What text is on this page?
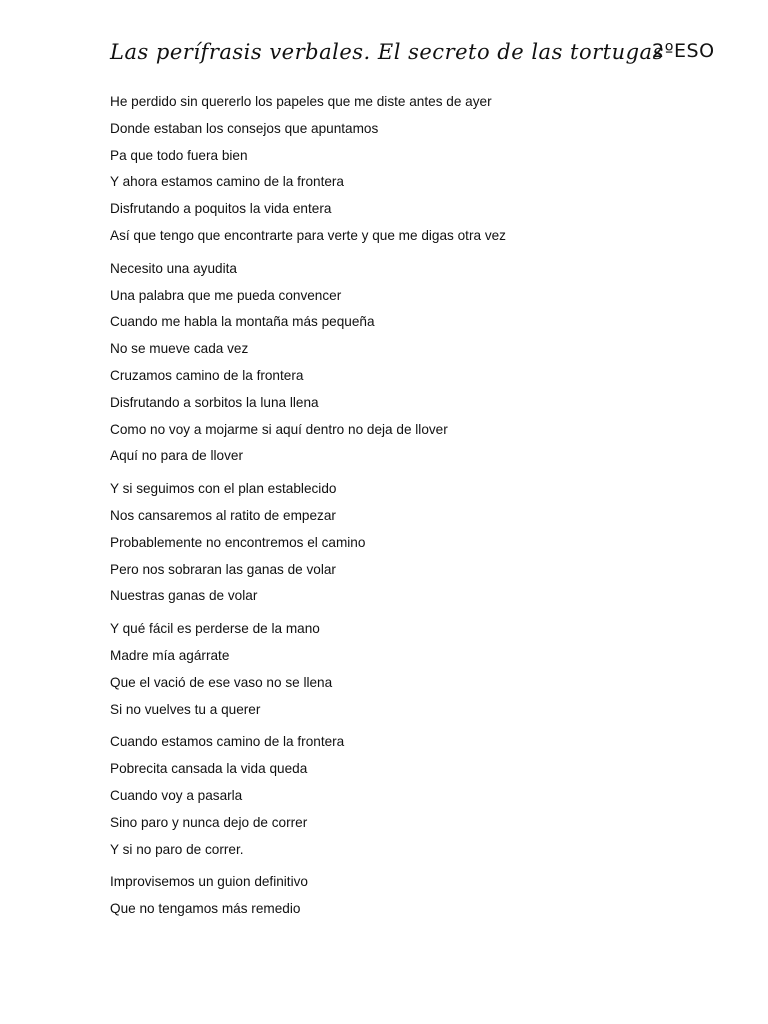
Las perífrasis verbales. El secreto de las tortugas
2ºESO
He perdido sin quererlo los papeles que me diste antes de ayer
Donde estaban los consejos que apuntamos
Pa que todo fuera bien
Y ahora estamos camino de la frontera
Disfrutando a poquitos la vida entera
Así que tengo que encontrarte para verte y que me digas otra vez
Necesito una ayudita
Una palabra que me pueda convencer
Cuando me habla la montaña más pequeña
No se mueve cada vez
Cruzamos camino de la frontera
Disfrutando a sorbitos la luna llena
Como no voy a mojarme si aquí dentro no deja de llover
Aquí no para de llover
Y si seguimos con el plan establecido
Nos cansaremos al ratito de empezar
Probablemente no encontremos el camino
Pero nos sobraran las ganas de volar
Nuestras ganas de volar
Y qué fácil es perderse de la mano
Madre mía agárrate
Que el vació de ese vaso no se llena
Si no vuelves tu a querer
Cuando estamos camino de la frontera
Pobrecita cansada la vida queda
Cuando voy a pasarla
Sino paro y nunca dejo de correr
Y si no paro de correr.
Improvisemos un guion definitivo
Que no tengamos más remedio
